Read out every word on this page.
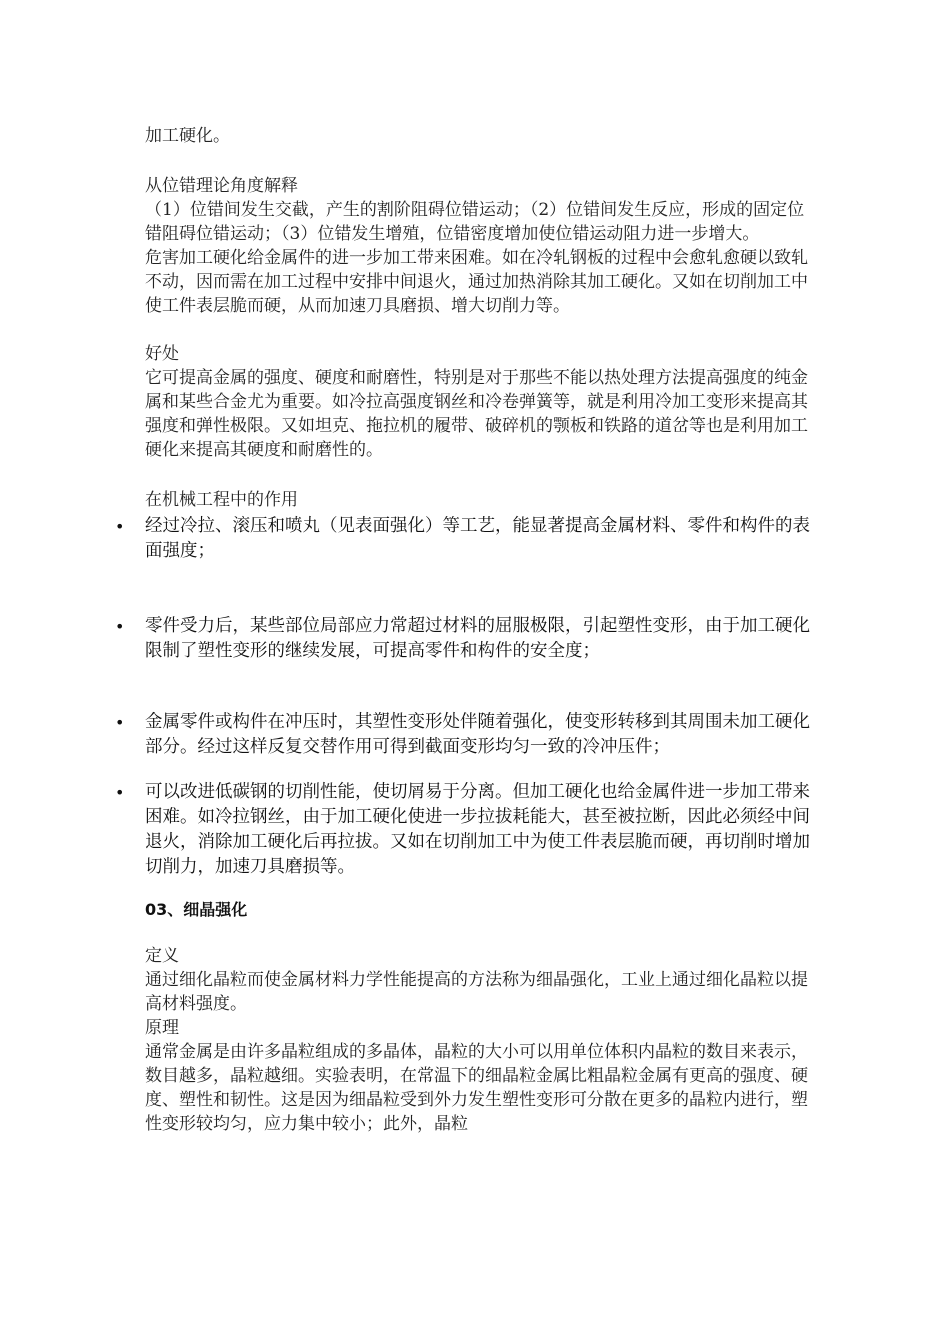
加工硬化。

从位错理论角度解释

（1）位错间发生交截，产生的割阶阻碍位错运动；（2）位错间发生反应，形成的固定位错阻碍位错运动；（3）位错发生增殖，位错密度增加使位错运动阻力进一步增大。

危害加工硬化给金属件的进一步加工带来困难。如在冷轧钢板的过程中会愈轧愈硬以致轧不动，因而需在加工过程中安排中间退火，通过加热消除其加工硬化。又如在切削加工中使工件表层脆而硬，从而加速刀具磨损、增大切削力等。

好处

它可提高金属的强度、硬度和耐磨性，特别是对于那些不能以热处理方法提高强度的纯金属和某些合金尤为重要。如冷拉高强度钢丝和冷卷弹簧等，就是利用冷加工变形来提高其强度和弹性极限。又如坦克、拖拉机的履带、破碎机的颚板和铁路的道岔等也是利用加工硬化来提高其硬度和耐磨性的。

在机械工程中的作用

• 经过冷拉、滚压和喷丸（见表面强化）等工艺，能显著提高金属材料、零件和构件的表面强度；
• 零件受力后，某些部位局部应力常超过材料的屈服极限，引起塑性变形，由于加工硬化限制了塑性变形的继续发展，可提高零件和构件的安全度；
• 金属零件或构件在冲压时，其塑性变形处伴随着强化，使变形转移到其周围未加工硬化部分。经过这样反复交替作用可得到截面变形均匀一致的冷冲压件；
• 可以改进低碳钢的切削性能，使切屑易于分离。但加工硬化也给金属件进一步加工带来困难。如冷拉钢丝，由于加工硬化使进一步拉拔耗能大，甚至被拉断，因此必须经中间退火，消除加工硬化后再拉拔。又如在切削加工中为使工件表层脆而硬，再切削时增加切削力，加速刀具磨损等。

03、细晶强化

定义

通过细化晶粒而使金属材料力学性能提高的方法称为细晶强化，工业上通过细化晶粒以提高材料强度。

原理

通常金属是由许多晶粒组成的多晶体，晶粒的大小可以用单位体积内晶粒的数目来表示，数目越多，晶粒越细。实验表明，在常温下的细晶粒金属比粗晶粒金属有更高的强度、硬度、塑性和韧性。这是因为细晶粒受到外力发生塑性变形可分散在更多的晶粒内进行，塑性变形较均匀，应力集中较小；此外，晶粒
